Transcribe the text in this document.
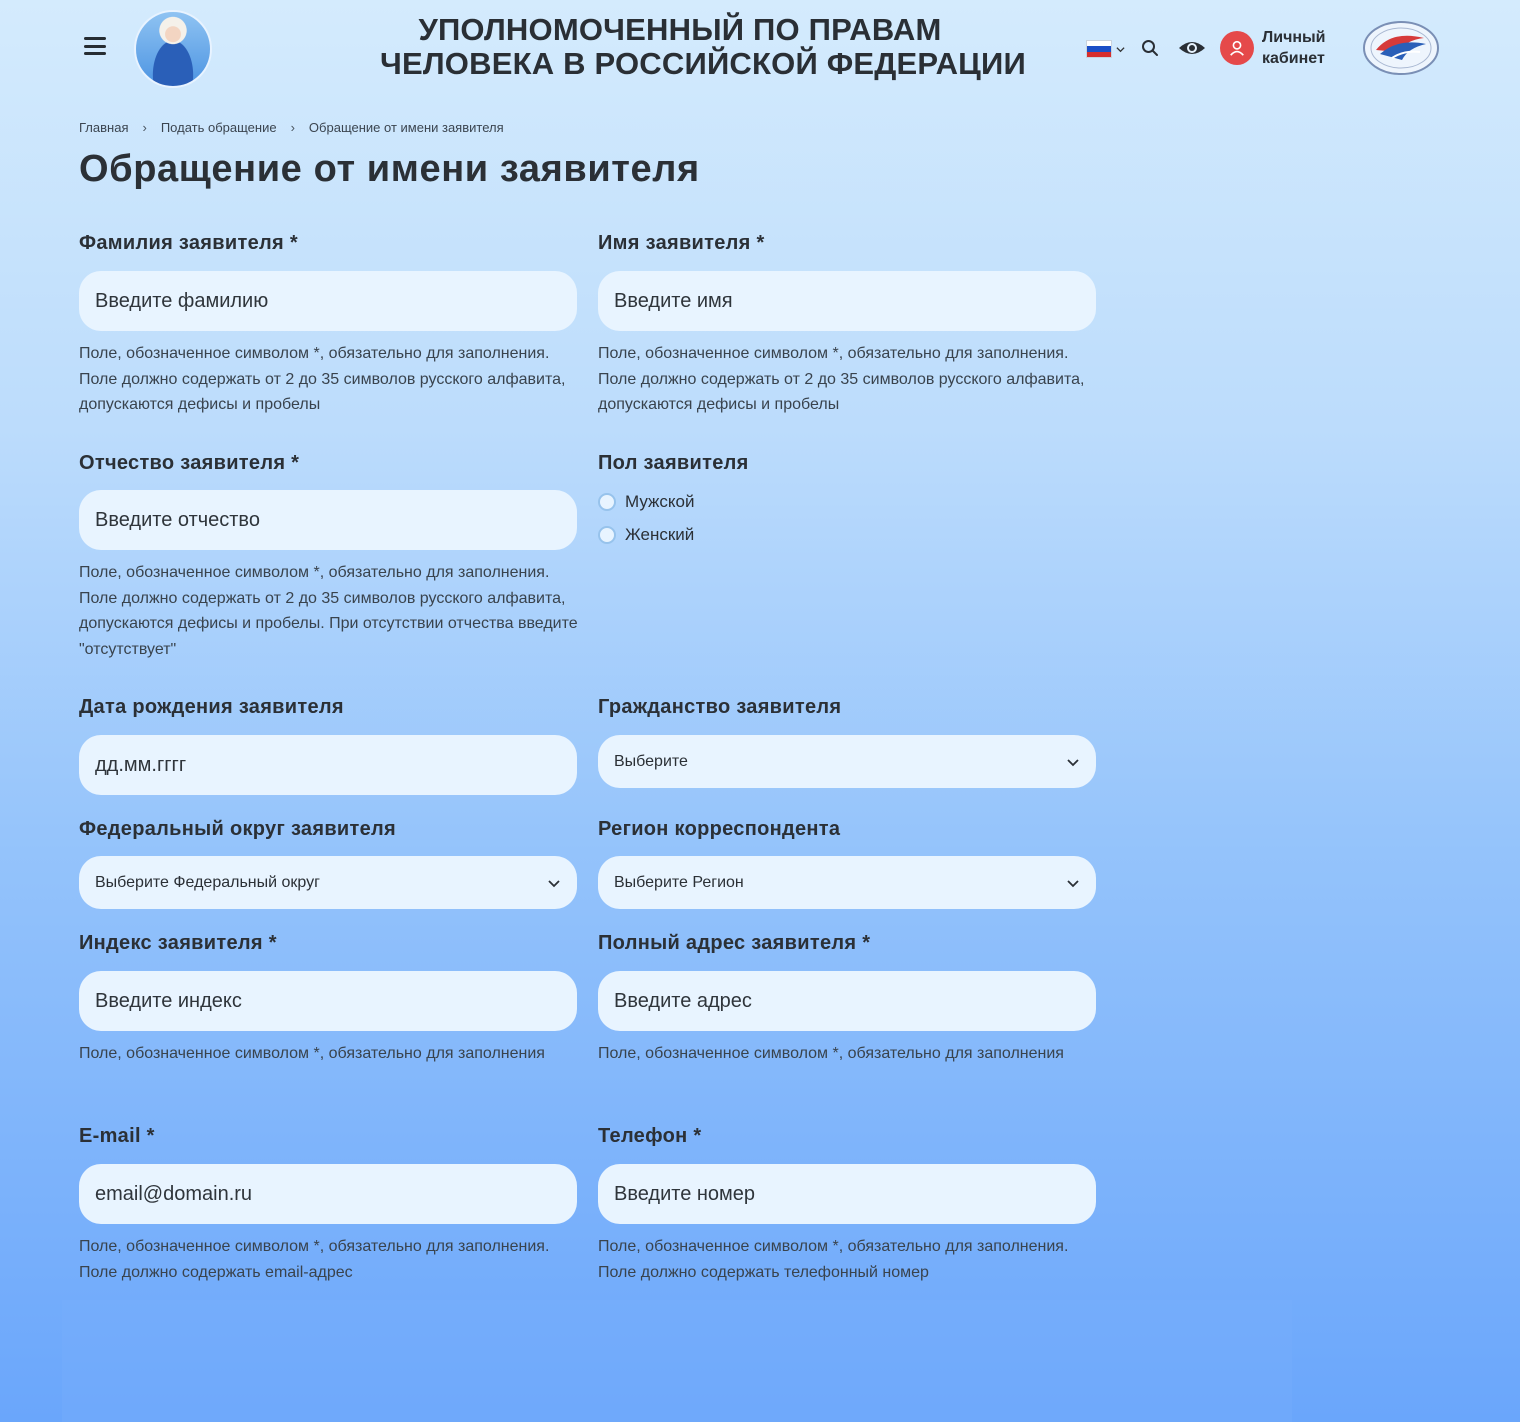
УПОЛНОМОЧЕННЫЙ ПО ПРАВАМ
ЧЕЛОВЕКА В РОССИЙСКОЙ ФЕДЕРАЦИИ
Личный
кабинет
Главная › Подать обращение › Обращение от имени заявителя
Обращение от имени заявителя
Фамилия заявителя *
Введите фамилию
Поле, обозначенное символом *, обязательно для заполнения. Поле должно содержать от 2 до 35 символов русского алфавита, допускаются дефисы и пробелы
Имя заявителя *
Введите имя
Поле, обозначенное символом *, обязательно для заполнения. Поле должно содержать от 2 до 35 символов русского алфавита, допускаются дефисы и пробелы
Отчество заявителя *
Введите отчество
Поле, обозначенное символом *, обязательно для заполнения. Поле должно содержать от 2 до 35 символов русского алфавита, допускаются дефисы и пробелы. При отсутствии отчества введите "отсутствует"
Пол заявителя
Мужской
Женский
Дата рождения заявителя
дд.мм.гггг	Гражданство заявителя
Выберите
Федеральный округ заявителя
Выберите Федеральный округ
Регион корреспондента
Выберите Регион
Индекс заявителя *
Введите индекс
Поле, обозначенное символом *, обязательно для заполнения
Полный адрес заявителя *
Введите адрес
Поле, обозначенное символом *, обязательно для заполнения
E-mail *
email@domain.ru
Поле, обозначенное символом *, обязательно для заполнения. Поле должно содержать email-адрес
Телефон *
Введите номер
Поле, обозначенное символом *, обязательно для заполнения. Поле должно содержать телефонный номер
